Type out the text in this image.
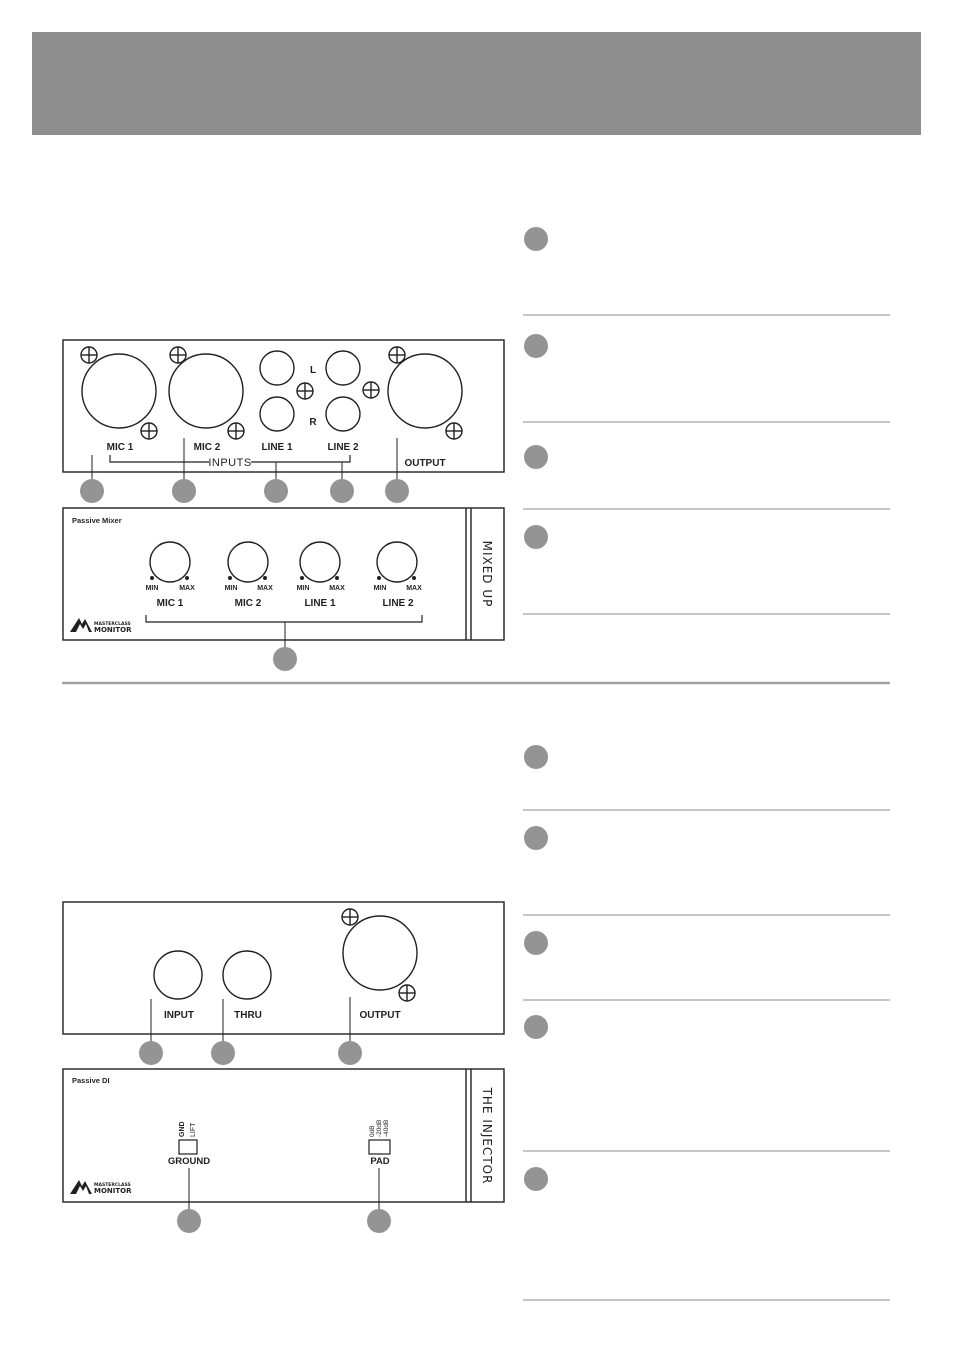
L
R
MIC 1	MIC 2	LINE 1	LINE 2
OUTPUT
INPUTS
Passive Mixer
MIXED UP
MIN	MAX	MIN	MAX	MIN	MAX	MIN	MAX
MIC 1	MIC 2	LINE 1	LINE 2
MASTERCLASS
MONITOR
INPUT	THRU	OUTPUT
Passive DI
THE INJECTOR
GND LIFT
GROUND
0dB -20dB -40dB
PAD
MASTERCLASS
MONITOR
